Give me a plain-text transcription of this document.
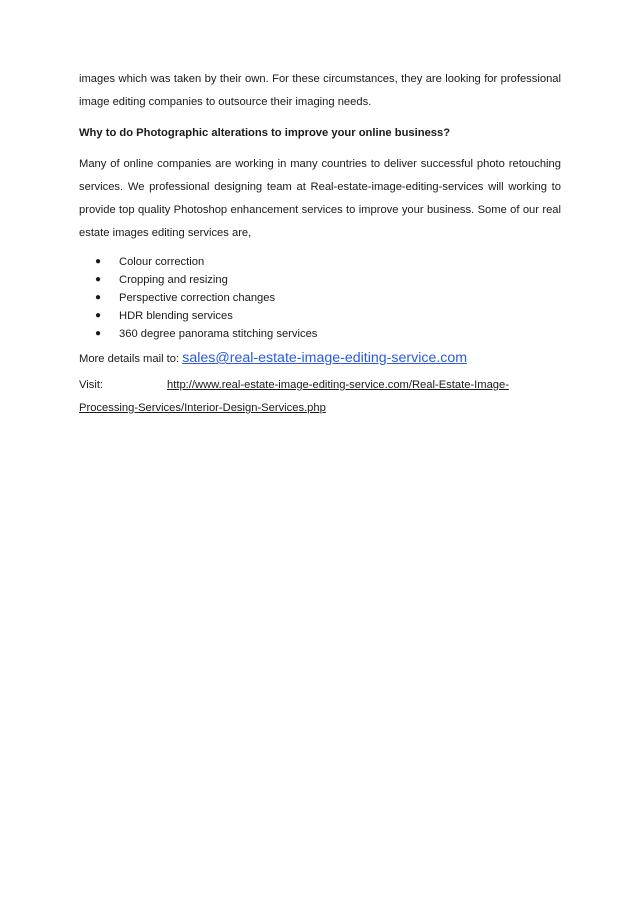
images which was taken by their own. For these circumstances, they are looking for professional image editing companies to outsource their imaging needs.

Why to do Photographic alterations to improve your online business?

Many of online companies are working in many countries to deliver successful photo retouching services. We professional designing team at Real-estate-image-editing-services will working to provide top quality Photoshop enhancement services to improve your business. Some of our real estate images editing services are,

● Colour correction
● Cropping and resizing
● Perspective correction changes
● HDR blending services
● 360 degree panorama stitching services

More details mail to: sales@real-estate-image-editing-service.com

Visit:	http://www.real-estate-image-editing-service.com/Real-Estate-Image-Processing-Services/Interior-Design-Services.php
